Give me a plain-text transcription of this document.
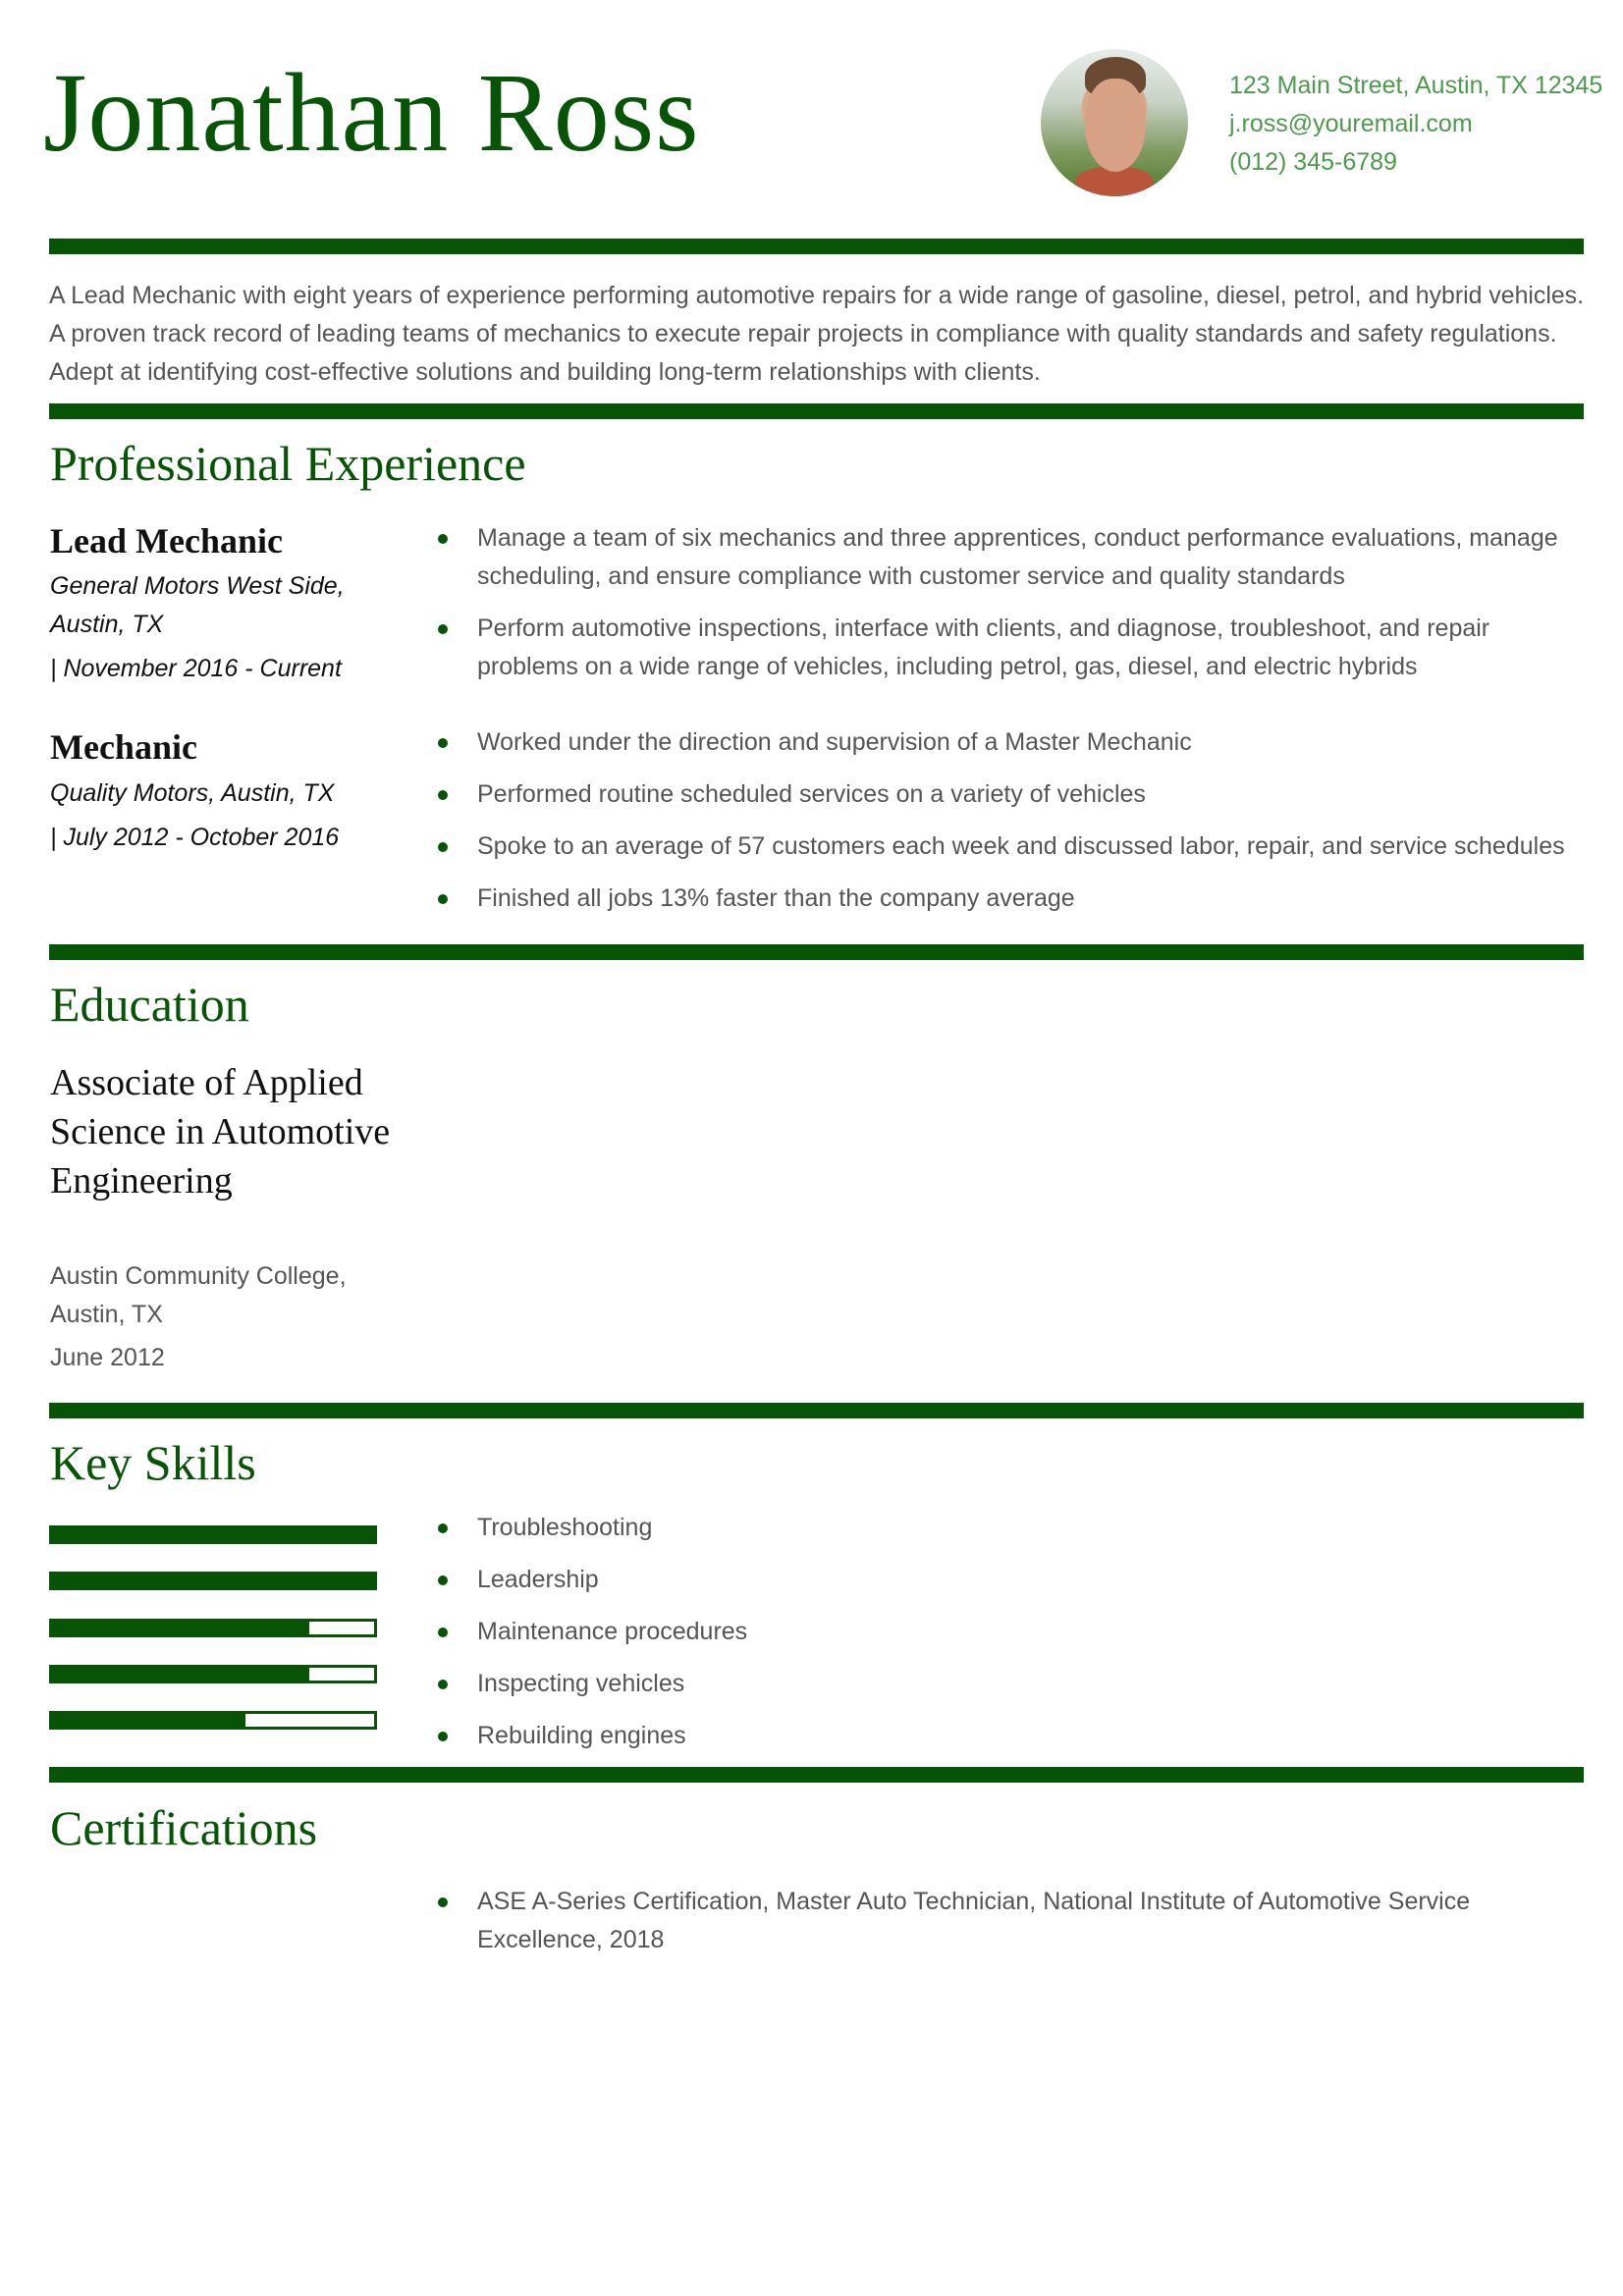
Jonathan Ross	123 Main Street, Austin, TX 12345
j.ross@youremail.com
(012) 345-6789
A Lead Mechanic with eight years of experience performing automotive repairs for a wide range of gasoline, diesel, petrol, and hybrid vehicles.
A proven track record of leading teams of mechanics to execute repair projects in compliance with quality standards and safety regulations.
Adept at identifying cost-effective solutions and building long-term relationships with clients.
Professional Experience
Lead Mechanic
General Motors West Side, Austin, TX
| November 2016 - Current
Manage a team of six mechanics and three apprentices, conduct performance evaluations, manage scheduling, and ensure compliance with customer service and quality standards
Perform automotive inspections, interface with clients, and diagnose, troubleshoot, and repair problems on a wide range of vehicles, including petrol, gas, diesel, and electric hybrids
Mechanic
Quality Motors, Austin, TX
| July 2012 - October 2016
Worked under the direction and supervision of a Master Mechanic
Performed routine scheduled services on a variety of vehicles
Spoke to an average of 57 customers each week and discussed labor, repair, and service schedules
Finished all jobs 13% faster than the company average
Education
Associate of Applied Science in Automotive Engineering
Austin Community College, Austin, TX
June 2012
Key Skills
Troubleshooting
Leadership
Maintenance procedures
Inspecting vehicles
Rebuilding engines
Certifications
ASE A-Series Certification, Master Auto Technician, National Institute of Automotive Service Excellence, 2018
